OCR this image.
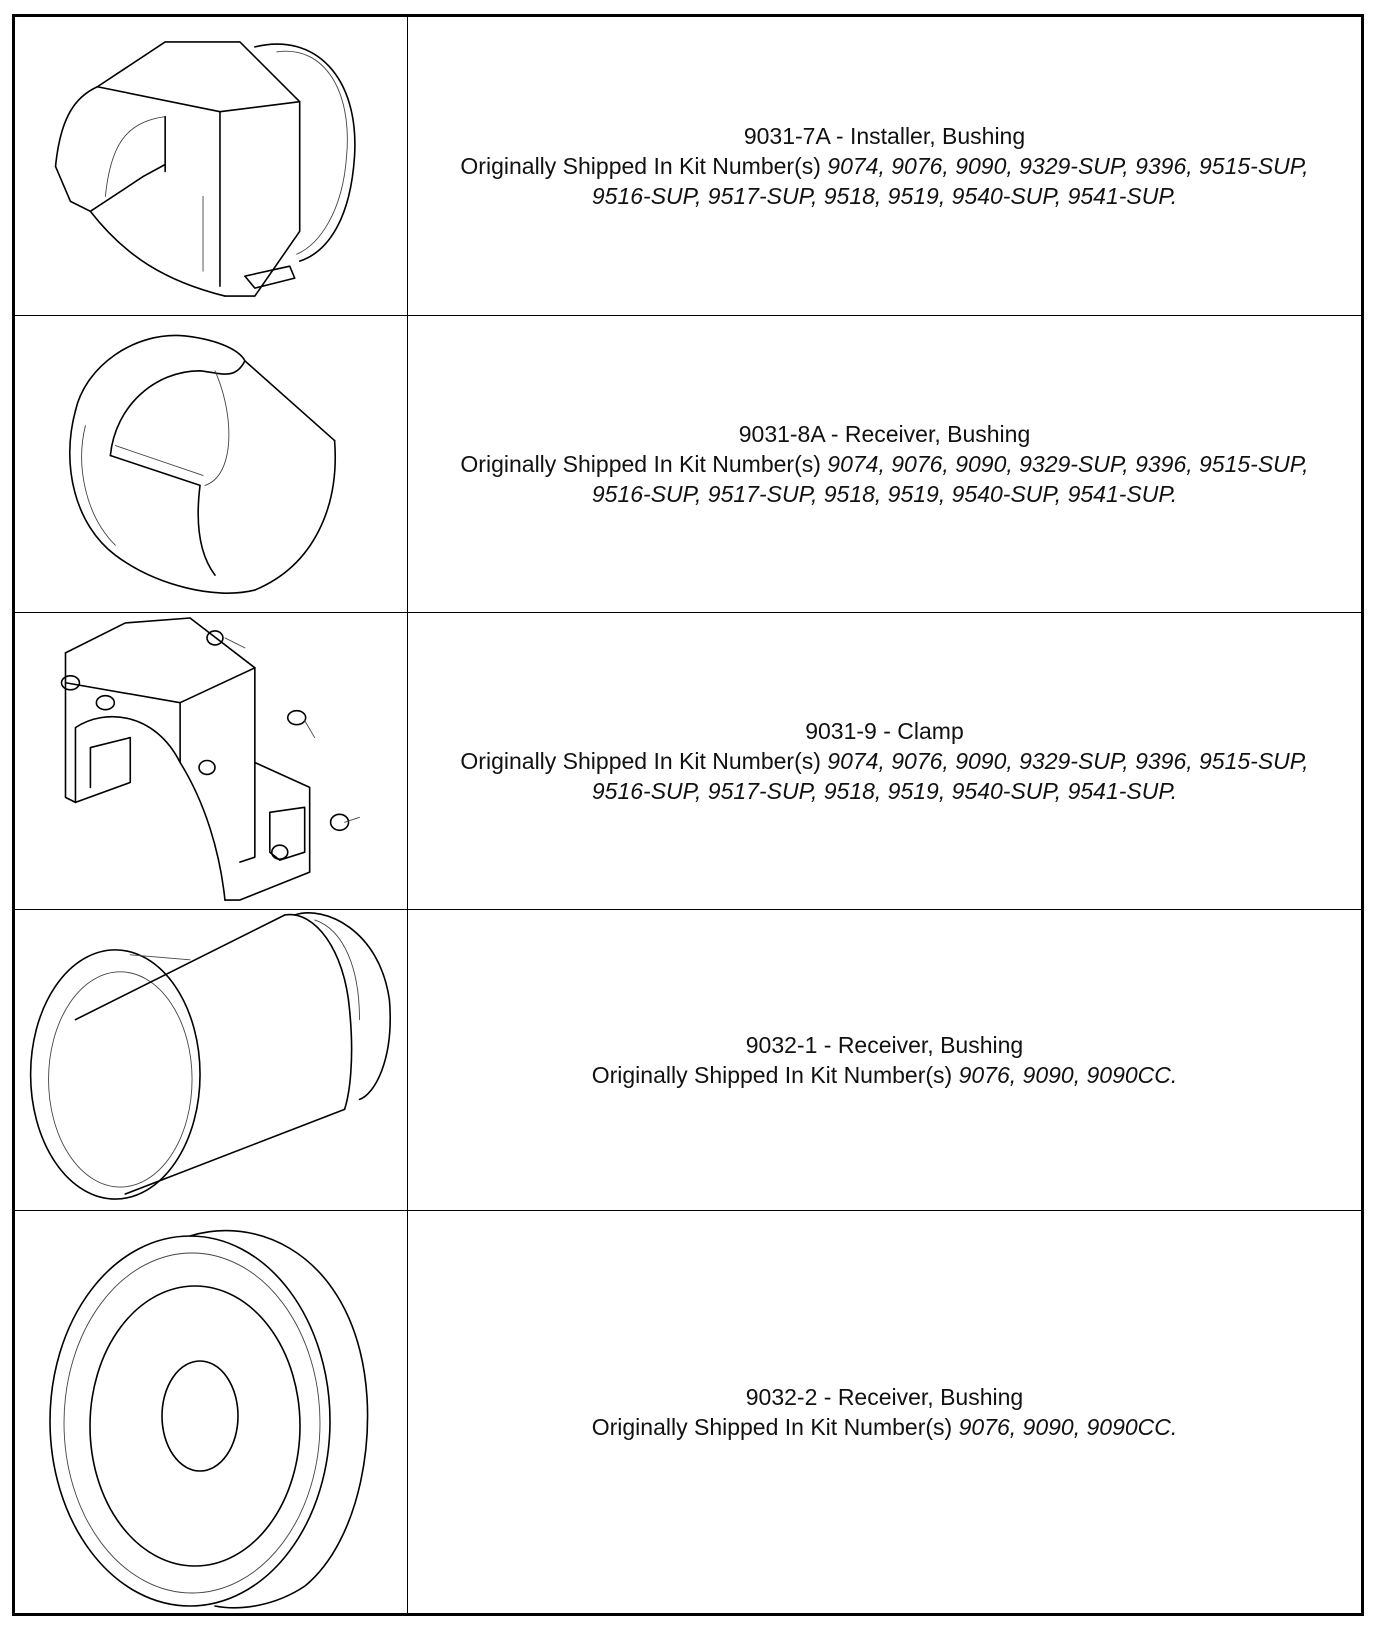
9031-7A - Installer, Bushing
Originally Shipped In Kit Number(s) 9074, 9076, 9090, 9329-SUP, 9396, 9515-SUP,
9516-SUP, 9517-SUP, 9518, 9519, 9540-SUP, 9541-SUP.

9031-8A - Receiver, Bushing
Originally Shipped In Kit Number(s) 9074, 9076, 9090, 9329-SUP, 9396, 9515-SUP,
9516-SUP, 9517-SUP, 9518, 9519, 9540-SUP, 9541-SUP.

9031-9 - Clamp
Originally Shipped In Kit Number(s) 9074, 9076, 9090, 9329-SUP, 9396, 9515-SUP,
9516-SUP, 9517-SUP, 9518, 9519, 9540-SUP, 9541-SUP.

9032-1 - Receiver, Bushing
Originally Shipped In Kit Number(s) 9076, 9090, 9090CC.

9032-2 - Receiver, Bushing
Originally Shipped In Kit Number(s) 9076, 9090, 9090CC.
